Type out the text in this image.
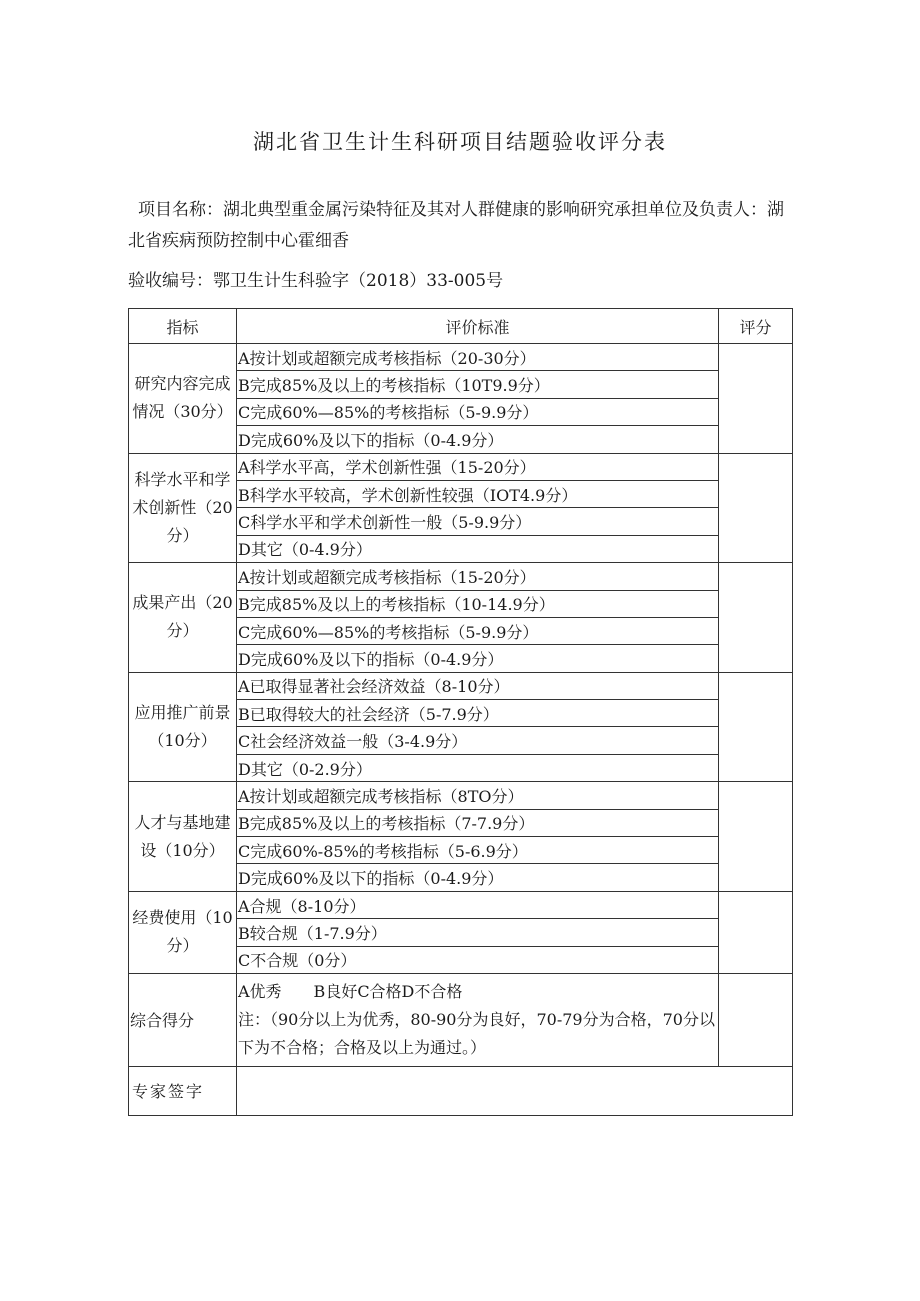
湖北省卫生计生科研项目结题验收评分表
项目名称：湖北典型重金属污染特征及其对人群健康的影响研究承担单位及负责人：湖北省疾病预防控制中心霍细香
验收编号：鄂卫生计生科验字（2018）33-005号
指标	评价标准	评分
研究内容完成情况（30分）	A按计划或超额完成考核指标（20-30分）	
	B完成85%及以上的考核指标（10T9.9分）	
	C完成60%—85%的考核指标（5-9.9分）	
	D完成60%及以下的指标（0-4.9分）	
科学水平和学术创新性（20分）	A科学水平高，学术创新性强（15-20分）	
	B科学水平较高，学术创新性较强（IOT4.9分）	
	C科学水平和学术创新性一般（5-9.9分）	
	D其它（0-4.9分）	
成果产出（20分）	A按计划或超额完成考核指标（15-20分）	
	B完成85%及以上的考核指标（10-14.9分）	
	C完成60%—85%的考核指标（5-9.9分）	
	D完成60%及以下的指标（0-4.9分）	
应用推广前景（10分）	A已取得显著社会经济效益（8-10分）	
	B已取得较大的社会经济（5-7.9分）	
	C社会经济效益一般（3-4.9分）	
	D其它（0-2.9分）	
人才与基地建设（10分）	A按计划或超额完成考核指标（8TO分）	
	B完成85%及以上的考核指标（7-7.9分）	
	C完成60%-85%的考核指标（5-6.9分）	
	D完成60%及以下的指标（0-4.9分）	
经费使用（10分）	A合规（8-10分）	
	B较合规（1-7.9分）	
	C不合规（0分）	
综合得分	A优秀　　B良好C合格D不合格
注：（90分以上为优秀，80-90分为良好，70-79分为合格，70分以下为不合格；合格及以上为通过。）	

专家签字		
